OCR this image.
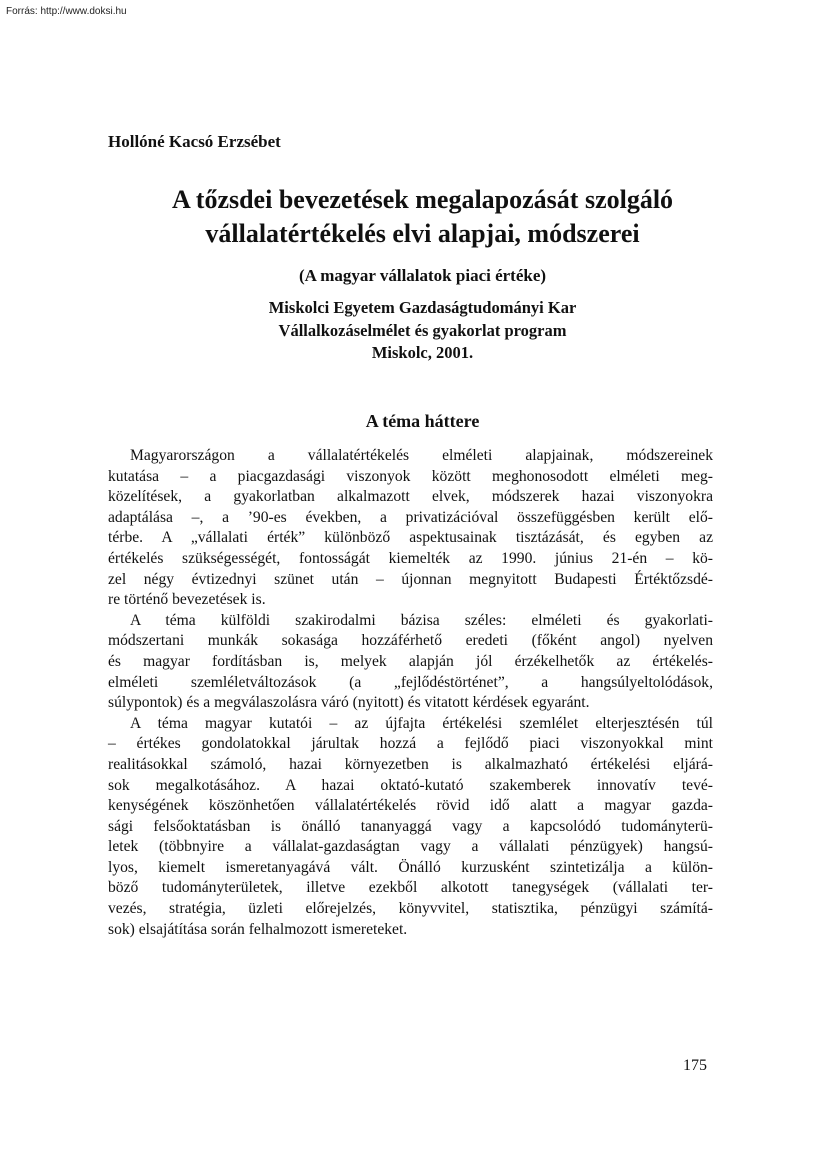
Forrás: http://www.doksi.hu
Hollóné Kacsó Erzsébet
A tőzsdei bevezetések megalapozását szolgáló
vállalatértékelés elvi alapjai, módszerei
(A magyar vállalatok piaci értéke)
Miskolci Egyetem Gazdaságtudományi Kar
Vállalkozáselmélet és gyakorlat program
Miskolc, 2001.
A téma háttere
Magyarországon a vállalatértékelés elméleti alapjainak, módszereinek
kutatása – a piacgazdasági viszonyok között meghonosodott elméleti meg-
közelítések, a gyakorlatban alkalmazott elvek, módszerek hazai viszonyokra
adaptálása –, a ’90-es években, a privatizációval összefüggésben került elő-
térbe. A „vállalati érték” különböző aspektusainak tisztázását, és egyben az
értékelés szükségességét, fontosságát kiemelték az 1990. június 21-én – kö-
zel négy évtizednyi szünet után – újonnan megnyitott Budapesti Értéktőzsdé-
re történő bevezetések is.
A téma külföldi szakirodalmi bázisa széles: elméleti és gyakorlati-
módszertani munkák sokasága hozzáférhető eredeti (főként angol) nyelven
és magyar fordításban is, melyek alapján jól érzékelhetők az értékelés-
elméleti szemléletváltozások (a „fejlődéstörténet”, a hangsúlyeltolódások,
súlypontok) és a megválaszolásra váró (nyitott) és vitatott kérdések egyaránt.
A téma magyar kutatói – az újfajta értékelési szemlélet elterjesztésén túl
– értékes gondolatokkal járultak hozzá a fejlődő piaci viszonyokkal mint
realitásokkal számoló, hazai környezetben is alkalmazható értékelési eljárá-
sok megalkotásához. A hazai oktató-kutató szakemberek innovatív tevé-
kenységének köszönhetően vállalatértékelés rövid idő alatt a magyar gazda-
sági felsőoktatásban is önálló tananyaggá vagy a kapcsolódó tudományterü-
letek (többnyire a vállalat-gazdaságtan vagy a vállalati pénzügyek) hangsú-
lyos, kiemelt ismeretanyagává vált. Önálló kurzusként szintetizálja a külön-
böző tudományterületek, illetve ezekből alkotott tanegységek (vállalati ter-
vezés, stratégia, üzleti előrejelzés, könyvvitel, statisztika, pénzügyi számítá-
sok) elsajátítása során felhalmozott ismereteket.
175
